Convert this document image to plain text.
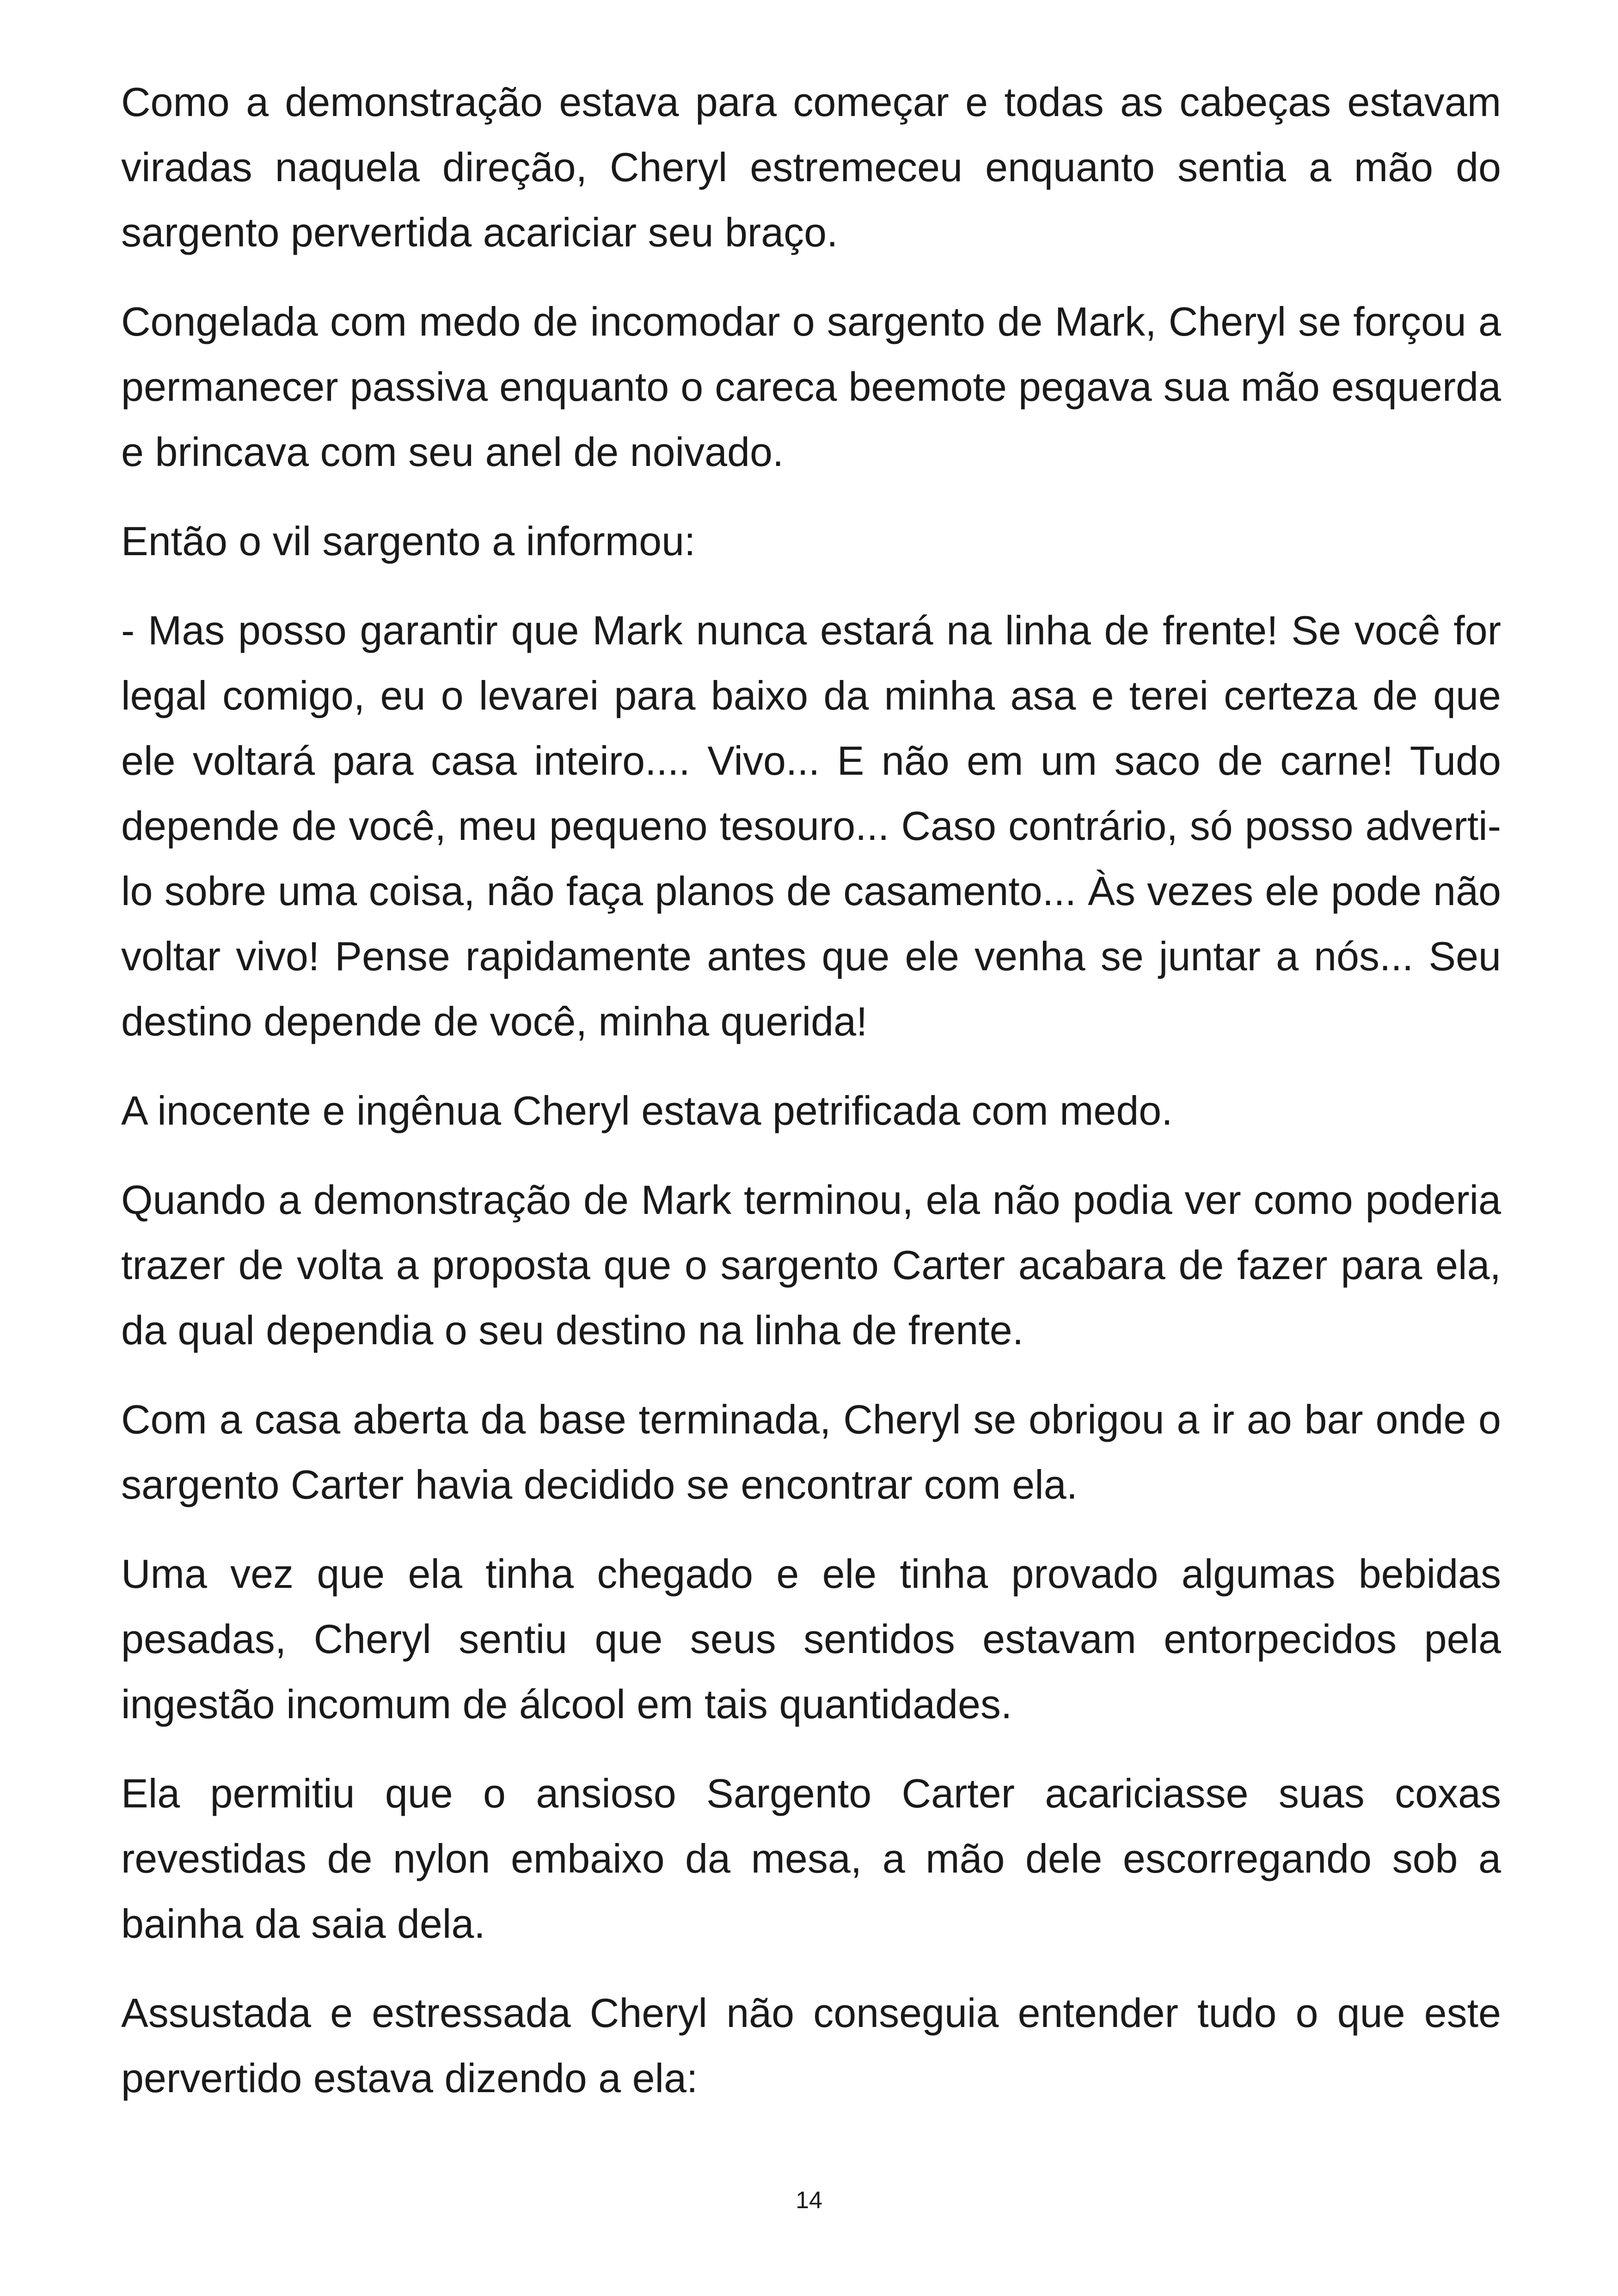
Como a demonstração estava para começar e todas as cabeças estavam viradas naquela direção, Cheryl estremeceu enquanto sentia a mão do sargento pervertida acariciar seu braço.

Congelada com medo de incomodar o sargento de Mark, Cheryl se forçou a permanecer passiva enquanto o careca beemote pegava sua mão esquerda e brincava com seu anel de noivado.

Então o vil sargento a informou:

- Mas posso garantir que Mark nunca estará na linha de frente! Se você for legal comigo, eu o levarei para baixo da minha asa e terei certeza de que ele voltará para casa inteiro.... Vivo... E não em um saco de carne! Tudo depende de você, meu pequeno tesouro... Caso contrário, só posso adverti-lo sobre uma coisa, não faça planos de casamento... Às vezes ele pode não voltar vivo! Pense rapidamente antes que ele venha se juntar a nós... Seu destino depende de você, minha querida!

A inocente e ingênua Cheryl estava petrificada com medo.

Quando a demonstração de Mark terminou, ela não podia ver como poderia trazer de volta a proposta que o sargento Carter acabara de fazer para ela, da qual dependia o seu destino na linha de frente.

Com a casa aberta da base terminada, Cheryl se obrigou a ir ao bar onde o sargento Carter havia decidido se encontrar com ela.

Uma vez que ela tinha chegado e ele tinha provado algumas bebidas pesadas, Cheryl sentiu que seus sentidos estavam entorpecidos pela ingestão incomum de álcool em tais quantidades.

Ela permitiu que o ansioso Sargento Carter acariciasse suas coxas revestidas de nylon embaixo da mesa, a mão dele escorregando sob a bainha da saia dela.

Assustada e estressada Cheryl não conseguia entender tudo o que este pervertido estava dizendo a ela:

14
